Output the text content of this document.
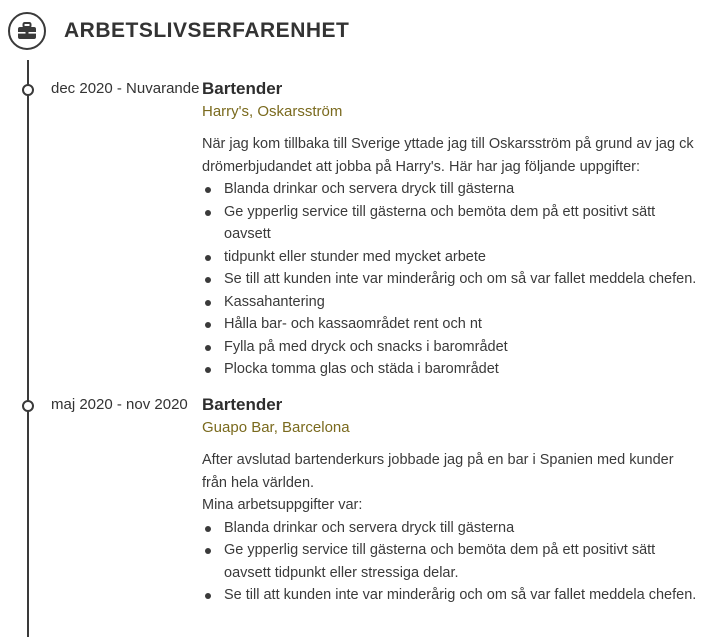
ARBETSLIVSERFARENHET
dec 2020 - Nuvarande Bartender
Harry's, Oskarsström

När jag kom tillbaka till Sverige yttade jag till Oskarsström på grund av jag ck drömerbjudandet att jobba på Harry's. Här har jag följande uppgifter:

Blanda drinkar och servera dryck till gästerna
Ge ypperlig service till gästerna och bemöta dem på ett positivt sätt oavsett
tidpunkt eller stunder med mycket arbete
Se till att kunden inte var minderårig och om så var fallet meddela chefen.
Kassahantering
Hålla bar- och kassaområdet rent och nt
Fylla på med dryck och snacks i barområdet
Plocka tomma glas och städa i barområdet
maj 2020 - nov 2020 Bartender
Guapo Bar, Barcelona

After avslutad bartenderkurs jobbade jag på en bar i Spanien med kunder från hela världen.

Mina arbetsuppgifter var:

Blanda drinkar och servera dryck till gästerna
Ge ypperlig service till gästerna och bemöta dem på ett positivt sätt oavsett tidpunkt eller stressiga delar.
Se till att kunden inte var minderårig och om så var fallet meddela chefen.
